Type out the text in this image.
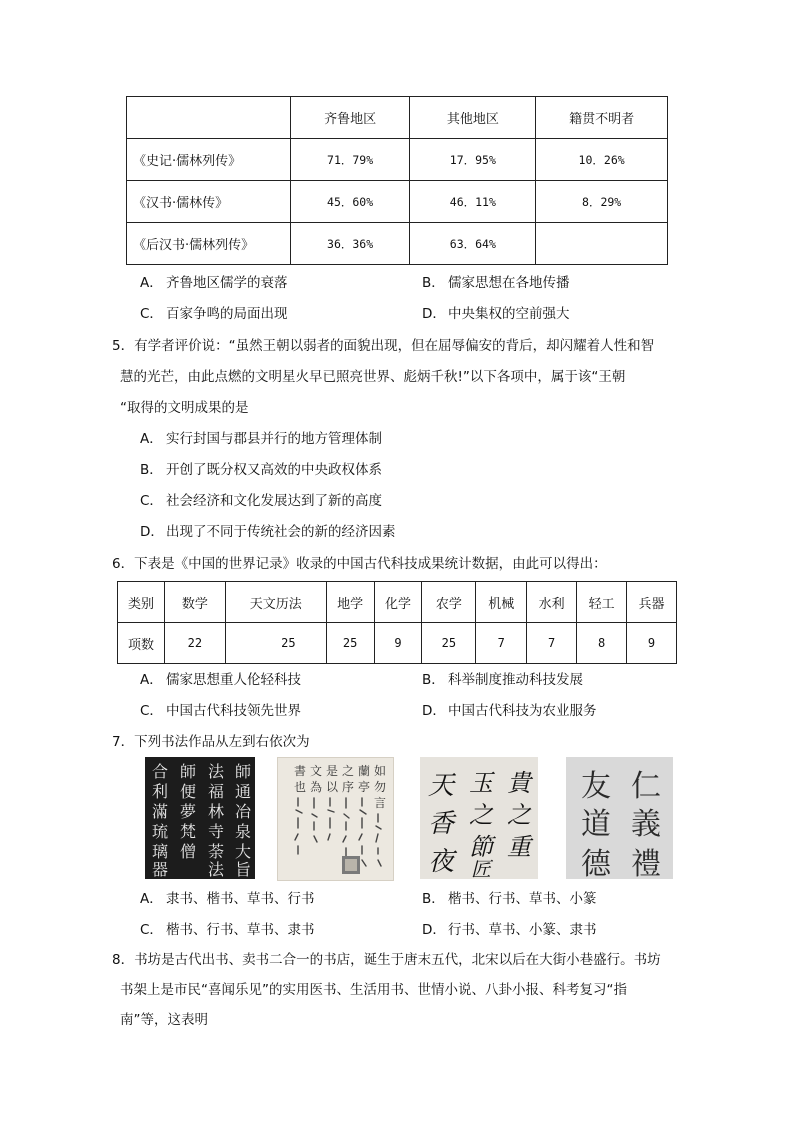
	齐鲁地区	其他地区	籍贯不明者
《史记·儒林列传》	71．79%	17．95%	10．26%
《汉书·儒林传》	45．60%	46．11%	8．29%
《后汉书·儒林列传》	36．36%	63．64%	
A． 齐鲁地区儒学的衰落	B． 儒家思想在各地传播
C． 百家争鸣的局面出现	D． 中央集权的空前强大
5．有学者评价说：“虽然王朝以弱者的面貌出现，但在屈辱偏安的背后，却闪耀着人性和智
慧的光芒，由此点燃的文明星火早已照亮世界、彪炳千秋!”以下各项中，属于该“王朝
“取得的文明成果的是
A． 实行封国与郡县并行的地方管理体制
B． 开创了既分权又高效的中央政权体系
C． 社会经济和文化发展达到了新的高度
D． 出现了不同于传统社会的新的经济因素
6．下表是《中国的世界记录》收录的中国古代科技成果统计数据，由此可以得出：
类别	数学	天文历法	地学	化学	农学	机械	水利	轻工	兵器
项数	22	25	25	9	25	7	7	8	9
A． 儒家思想重人伦轻科技	B． 科举制度推动科技发展
C． 中国古代科技领先世界	D． 中国古代科技为农业服务
7．下列书法作品从左到右依次为
師
通
冶
泉
大
旨
法
福
林
寺
荼
法
師
便
夢
梵
僧
合
利
滿
琉
璃
器
如
勿
言
蘭
亭
之
序
是
以
文
為
書
也	貴
之
重
玉
之
節
匠
天
香
夜
仁
義
禮
友
道
德
A． 隶书、楷书、草书、行书	B． 楷书、行书、草书、小篆
C． 楷书、行书、草书、隶书	D． 行书、草书、小篆、隶书
8．书坊是古代出书、卖书二合一的书店，诞生于唐末五代，北宋以后在大街小巷盛行。书坊
书架上是市民“喜闻乐见”的实用医书、生活用书、世情小说、八卦小报、科考复习“指
南”等，这表明
